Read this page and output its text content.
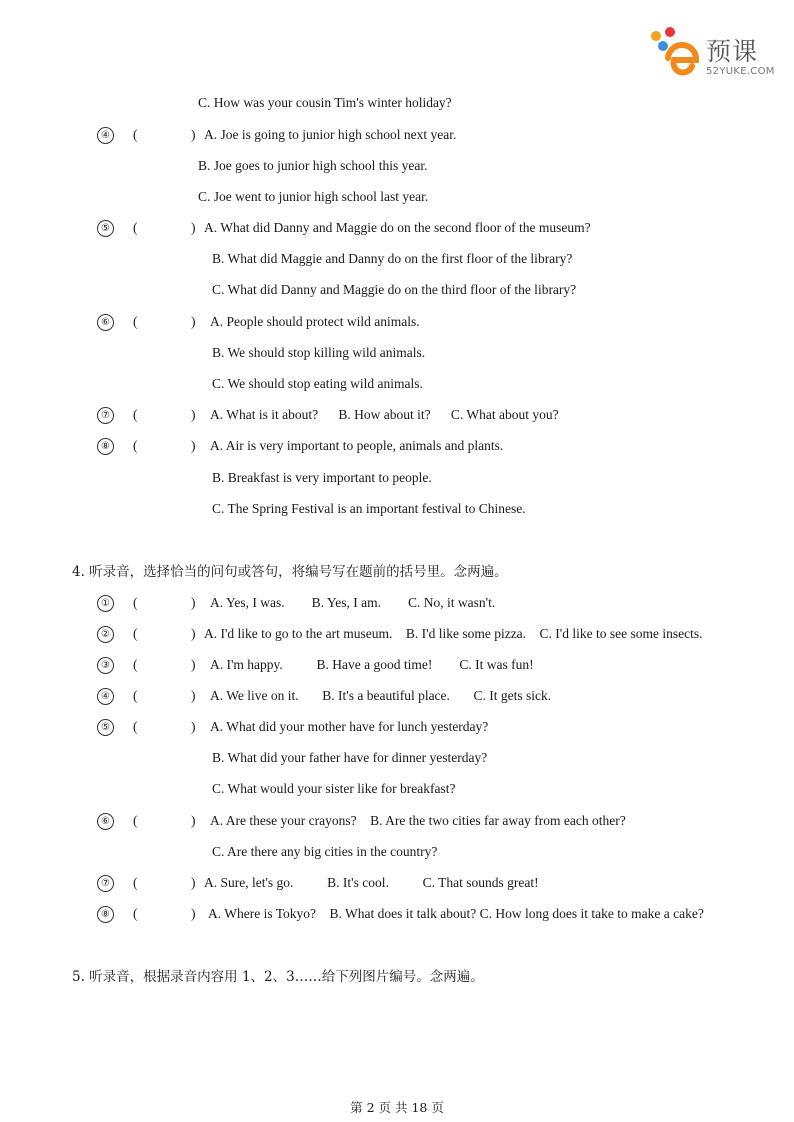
预课
52YUKE.COM
C. How was your cousin Tim's winter holiday?
④ (	) A. Joe is going to junior high school next year.
B. Joe goes to junior high school this year.
C. Joe went to junior high school last year.
⑤ (	) A. What did Danny and Maggie do on the second floor of the museum?
B. What did Maggie and Danny do on the first floor of the library?
C. What did Danny and Maggie do on the third floor of the library?
⑥ (	) A. People should protect wild animals.
B. We should stop killing wild animals.
C. We should stop eating wild animals.
⑦ (	) A. What is it about?      B. How about it?      C. What about you?
⑧ (	) A. Air is very important to people, animals and plants.
B. Breakfast is very important to people.
C. The Spring Festival is an important festival to Chinese.
4. 听录音，选择恰当的问句或答句，将编号写在题前的括号里。念两遍。
① (	) A. Yes, I was.        B. Yes, I am.        C. No, it wasn't.
② (	) A. I'd like to go to the art museum.    B. I'd like some pizza.    C. I'd like to see some insects.
③ (	) A. I'm happy.          B. Have a good time!        C. It was fun!
④ (	) A. We live on it.       B. It's a beautiful place.       C. It gets sick.
⑤ (	) A. What did your mother have for lunch yesterday?
B. What did your father have for dinner yesterday?
C. What would your sister like for breakfast?
⑥ (	) A. Are these your crayons?    B. Are the two cities far away from each other?
C. Are there any big cities in the country?
⑦ (	) A. Sure, let's go.          B. It's cool.          C. That sounds great!
⑧ (	) A. Where is Tokyo?    B. What does it talk about? C. How long does it take to make a cake?
5. 听录音，根据录音内容用 1、2、3……给下列图片编号。念两遍。
第 2 页 共 18 页
